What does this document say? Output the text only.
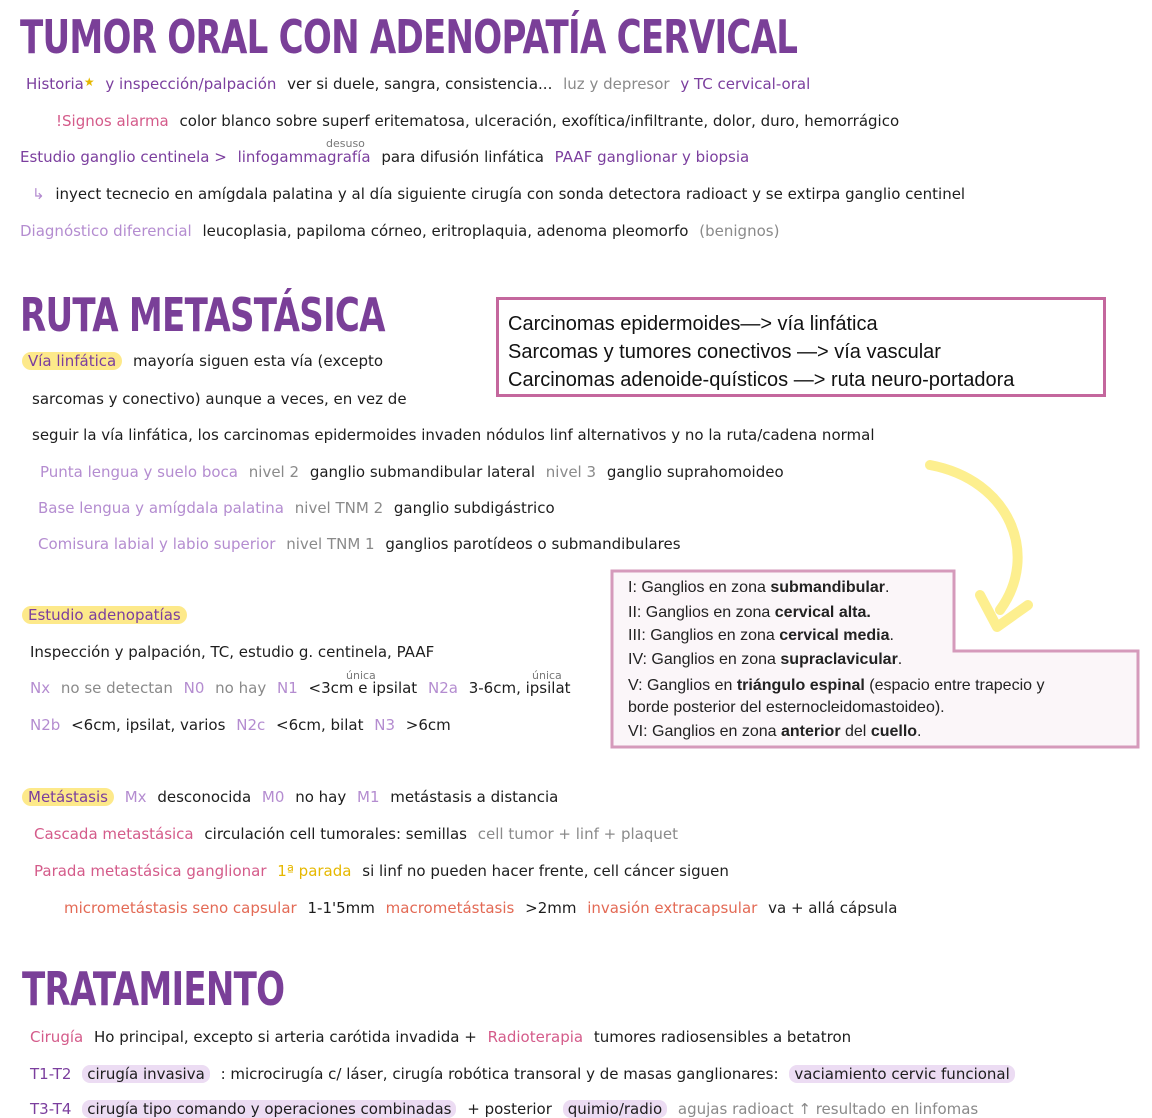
TUMOR ORAL CON ADENOPATÍA CERVICAL
Historia★ y inspección/palpación ver si duele, sangra, consistencia... luz y depresor y TC cervical-oral
!Signos alarma color blanco sobre superf eritematosa, ulceración, exofítica/infiltrante, dolor, duro, hemorrágico
Estudio ganglio centinela > linfogammagrafía para difusión linfática PAAF ganglionar y biopsia
desuso
↳ inyect tecnecio en amígdala palatina y al día siguiente cirugía con sonda detectora radioact y se extirpa ganglio centinel
Diagnóstico diferencial leucoplasia, papiloma córneo, eritroplaquia, adenoma pleomorfo (benignos)
RUTA METASTÁSICA	Carcinomas epidermoides—> vía linfática
Sarcomas y tumores conectivos —> vía vascular
Carcinomas adenoide-quísticos —> ruta neuro-portadora
Vía linfática mayoría siguen esta vía (excepto
sarcomas y conectivo) aunque a veces, en vez de
seguir la vía linfática, los carcinomas epidermoides invaden nódulos linf alternativos y no la ruta/cadena normal
Punta lengua y suelo boca nivel 2 ganglio submandibular lateral nivel 3 ganglio suprahomoideo
Base lengua y amígdala palatina nivel TNM 2 ganglio subdigástrico
Comisura labial y labio superior nivel TNM 1 ganglios parotídeos o submandibulares
I: Ganglios en zona submandibular.
II: Ganglios en zona cervical alta.
III: Ganglios en zona cervical media.
IV: Ganglios en zona supraclavicular.
V: Ganglios en triángulo espinal (espacio entre trapecio y
borde posterior del esternocleidomastoideo).
VI: Ganglios en zona anterior del cuello.
Estudio adenopatías
Inspección y palpación, TC, estudio g. centinela, PAAF
Nx no se detectan N0 no hay N1 <3cm e ipsilat N2a 3-6cm, ipsilat
única	única
N2b <6cm, ipsilat, varios N2c <6cm, bilat N3 >6cm
Metástasis Mx desconocida M0 no hay M1 metástasis a distancia
Cascada metastásica circulación cell tumorales: semillas cell tumor + linf + plaquet
Parada metastásica ganglionar 1ª parada si linf no pueden hacer frente, cell cáncer siguen
micrometástasis seno capsular 1-1'5mm macrometástasis >2mm invasión extracapsular va + allá cápsula
TRATAMIENTO
Cirugía Ho principal, excepto si arteria carótida invadida + Radioterapia tumores radiosensibles a betatron
T1-T2 cirugía invasiva : microcirugía c/ láser, cirugía robótica transoral y de masas ganglionares: vaciamiento cervic funcional
T3-T4 cirugía tipo comando y operaciones combinadas + posterior quimio/radio agujas radioact ↑ resultado en linfomas
